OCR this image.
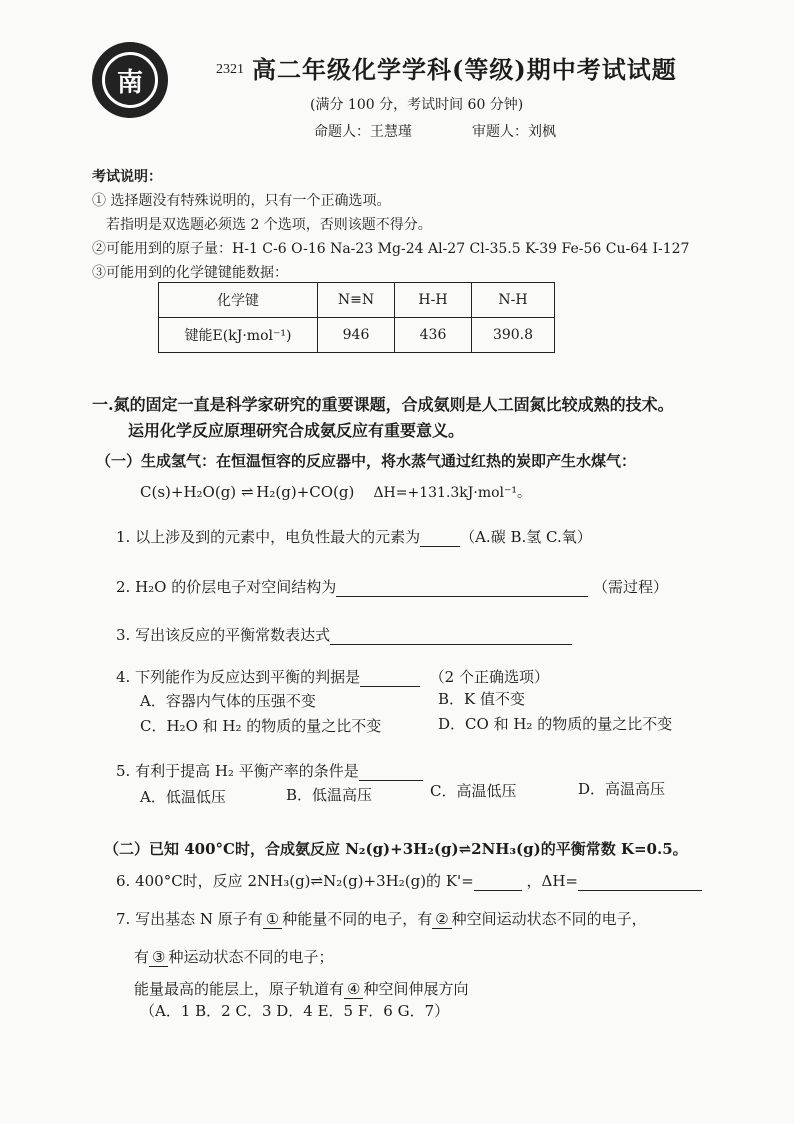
南	2321 高二年级化学学科(等级)期中考试试题
(满分 100 分，考试时间 60 分钟)
命题人：王慧瑾	审题人：刘枫
考试说明：
① 选择题没有特殊说明的，只有一个正确选项。
若指明是双选题必须选 2 个选项，否则该题不得分。
②可能用到的原子量：H-1 C-6 O-16 Na-23 Mg-24 Al-27 Cl-35.5 K-39 Fe-56 Cu-64 I-127
③可能用到的化学键键能数据：
化学键	N≡N	H-H	N-H
键能E(kJ·mol⁻¹)	946	436	390.8
一.氮的固定一直是科学家研究的重要课题，合成氨则是人工固氮比较成熟的技术。
运用化学反应原理研究合成氨反应有重要意义。
（一）生成氢气：在恒温恒容的反应器中，将水蒸气通过红热的炭即产生水煤气：
C(s)+H₂O(g) ⇌ H₂(g)+CO(g) ΔH=+131.3kJ·mol⁻¹。
1. 以上涉及到的元素中，电负性最大的元素为	（A.碳 B.氢 C.氧）
2. H₂O 的价层电子对空间结构为	（需过程）
3. 写出该反应的平衡常数表达式
4. 下列能作为反应达到平衡的判据是	（2 个正确选项）
A．容器内气体的压强不变	B．K 值不变
C．H₂O 和 H₂ 的物质的量之比不变	D．CO 和 H₂ 的物质的量之比不变
5. 有利于提高 H₂ 平衡产率的条件是
A．低温低压	B．低温高压	C．高温低压	D．高温高压
（二）已知 400°C时，合成氨反应 N₂(g)+3H₂(g)⇌2NH₃(g)的平衡常数 K=0.5。
6. 400°C时，反应 2NH₃(g)⇌N₂(g)+3H₂(g)的 K'=	，ΔH=
7. 写出基态 N 原子有 ① 种能量不同的电子，有 ② 种空间运动状态不同的电子，
有 ③ 种运动状态不同的电子；
能量最高的能层上，原子轨道有 ④ 种空间伸展方向
（A．1 B．2 C．3 D．4 E．5 F．6 G．7）
